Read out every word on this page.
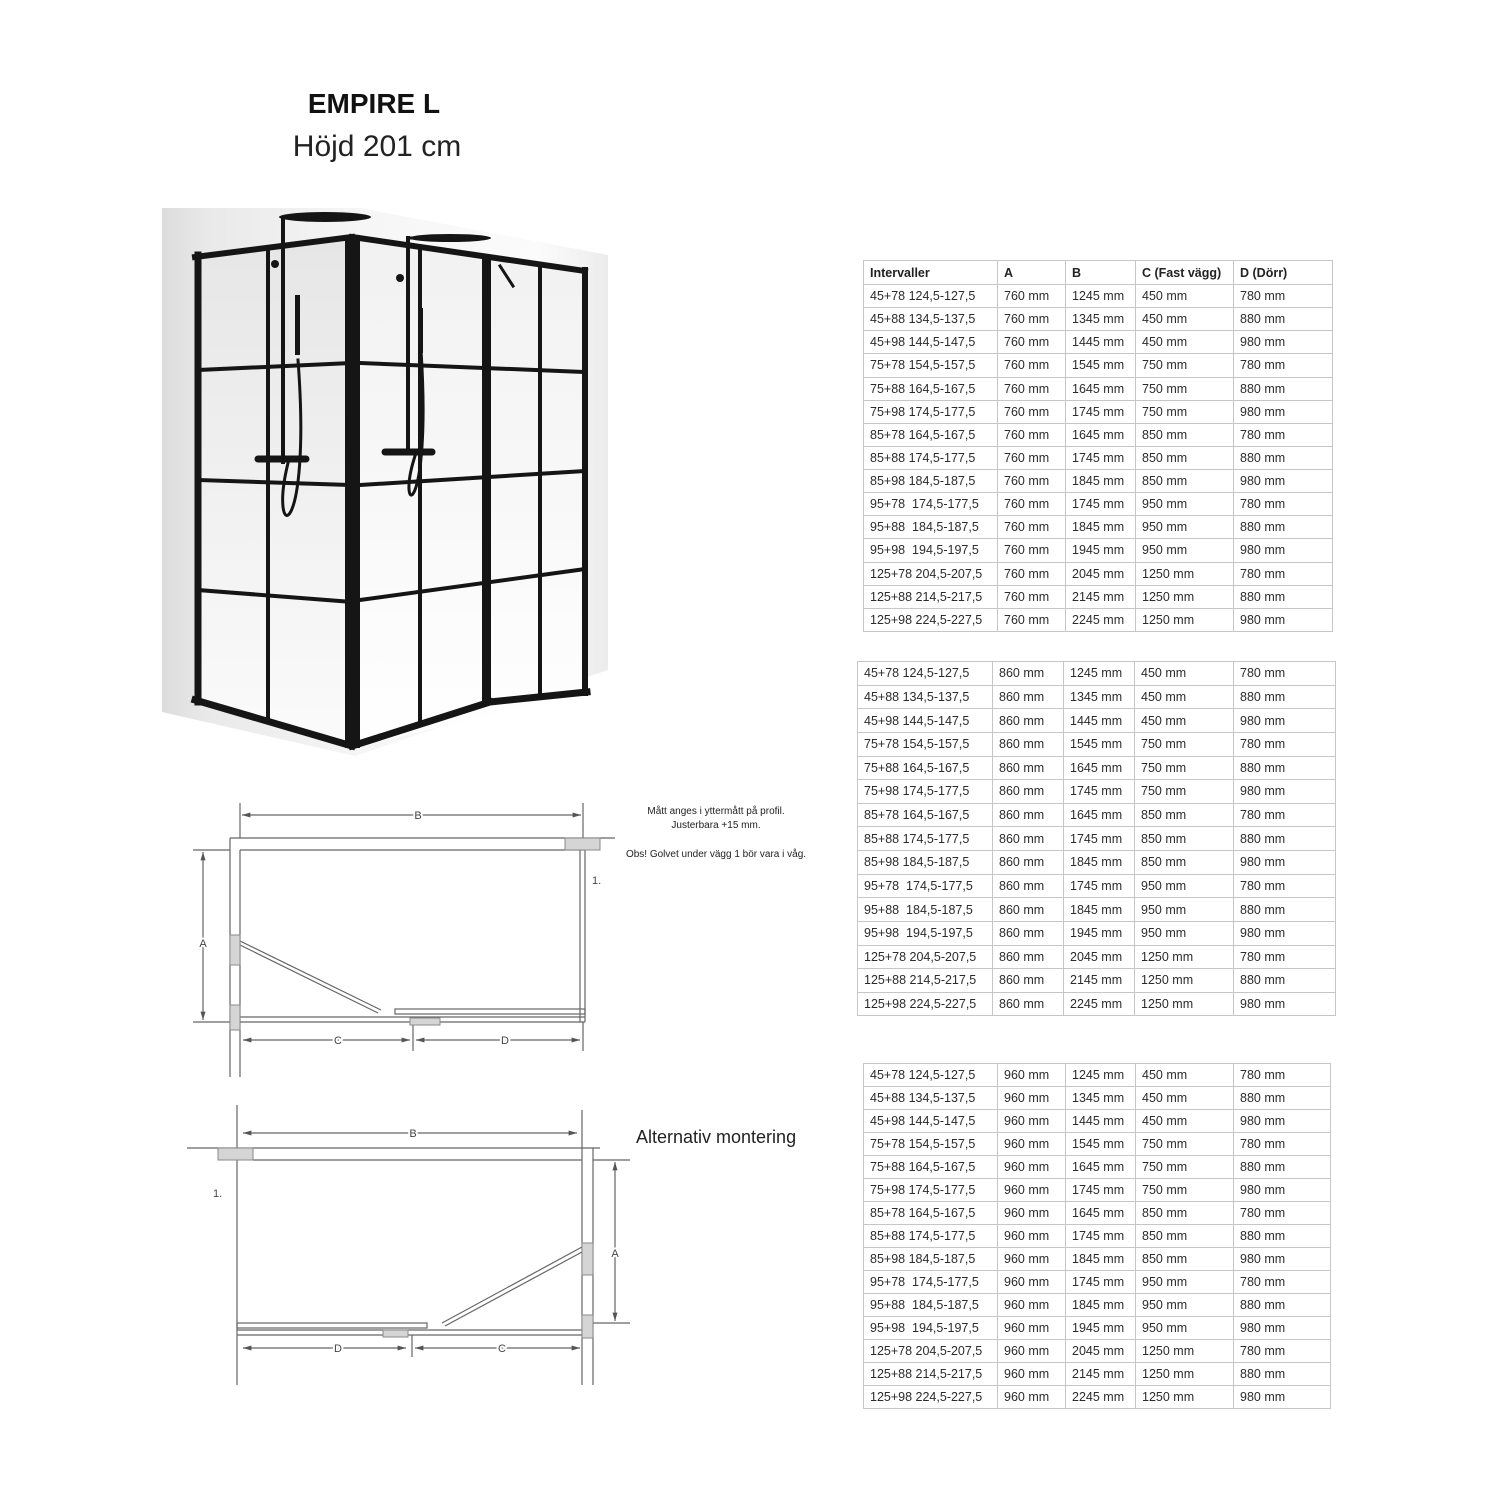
EMPIRE L
Höjd 201 cm
Mått anges i yttermått på profil.
Justerbara +15 mm.
Obs! Golvet under vägg 1 bör vara i våg.
B
A
C	D
1.
Alternativ montering
B
A
D	C
1.
Intervaller	A	B	C (Fast vägg)	D (Dörr)
45+78 124,5-127,5	760 mm	1245 mm	450 mm	780 mm
45+88 134,5-137,5	760 mm	1345 mm	450 mm	880 mm
45+98 144,5-147,5	760 mm	1445 mm	450 mm	980 mm
75+78 154,5-157,5	760 mm	1545 mm	750 mm	780 mm
75+88 164,5-167,5	760 mm	1645 mm	750 mm	880 mm
75+98 174,5-177,5	760 mm	1745 mm	750 mm	980 mm
85+78 164,5-167,5	760 mm	1645 mm	850 mm	780 mm
85+88 174,5-177,5	760 mm	1745 mm	850 mm	880 mm
85+98 184,5-187,5	760 mm	1845 mm	850 mm	980 mm
95+78  174,5-177,5	760 mm	1745 mm	950 mm	780 mm
95+88  184,5-187,5	760 mm	1845 mm	950 mm	880 mm
95+98  194,5-197,5	760 mm	1945 mm	950 mm	980 mm
125+78 204,5-207,5	760 mm	2045 mm	1250 mm	780 mm
125+88 214,5-217,5	760 mm	2145 mm	1250 mm	880 mm
125+98 224,5-227,5	760 mm	2245 mm	1250 mm	980 mm
45+78 124,5-127,5	860 mm	1245 mm	450 mm	780 mm
45+88 134,5-137,5	860 mm	1345 mm	450 mm	880 mm
45+98 144,5-147,5	860 mm	1445 mm	450 mm	980 mm
75+78 154,5-157,5	860 mm	1545 mm	750 mm	780 mm
75+88 164,5-167,5	860 mm	1645 mm	750 mm	880 mm
75+98 174,5-177,5	860 mm	1745 mm	750 mm	980 mm
85+78 164,5-167,5	860 mm	1645 mm	850 mm	780 mm
85+88 174,5-177,5	860 mm	1745 mm	850 mm	880 mm
85+98 184,5-187,5	860 mm	1845 mm	850 mm	980 mm
95+78  174,5-177,5	860 mm	1745 mm	950 mm	780 mm
95+88  184,5-187,5	860 mm	1845 mm	950 mm	880 mm
95+98  194,5-197,5	860 mm	1945 mm	950 mm	980 mm
125+78 204,5-207,5	860 mm	2045 mm	1250 mm	780 mm
125+88 214,5-217,5	860 mm	2145 mm	1250 mm	880 mm
125+98 224,5-227,5	860 mm	2245 mm	1250 mm	980 mm
45+78 124,5-127,5	960 mm	1245 mm	450 mm	780 mm
45+88 134,5-137,5	960 mm	1345 mm	450 mm	880 mm
45+98 144,5-147,5	960 mm	1445 mm	450 mm	980 mm
75+78 154,5-157,5	960 mm	1545 mm	750 mm	780 mm
75+88 164,5-167,5	960 mm	1645 mm	750 mm	880 mm
75+98 174,5-177,5	960 mm	1745 mm	750 mm	980 mm
85+78 164,5-167,5	960 mm	1645 mm	850 mm	780 mm
85+88 174,5-177,5	960 mm	1745 mm	850 mm	880 mm
85+98 184,5-187,5	960 mm	1845 mm	850 mm	980 mm
95+78  174,5-177,5	960 mm	1745 mm	950 mm	780 mm
95+88  184,5-187,5	960 mm	1845 mm	950 mm	880 mm
95+98  194,5-197,5	960 mm	1945 mm	950 mm	980 mm
125+78 204,5-207,5	960 mm	2045 mm	1250 mm	780 mm
125+88 214,5-217,5	960 mm	2145 mm	1250 mm	880 mm
125+98 224,5-227,5	960 mm	2245 mm	1250 mm	980 mm
